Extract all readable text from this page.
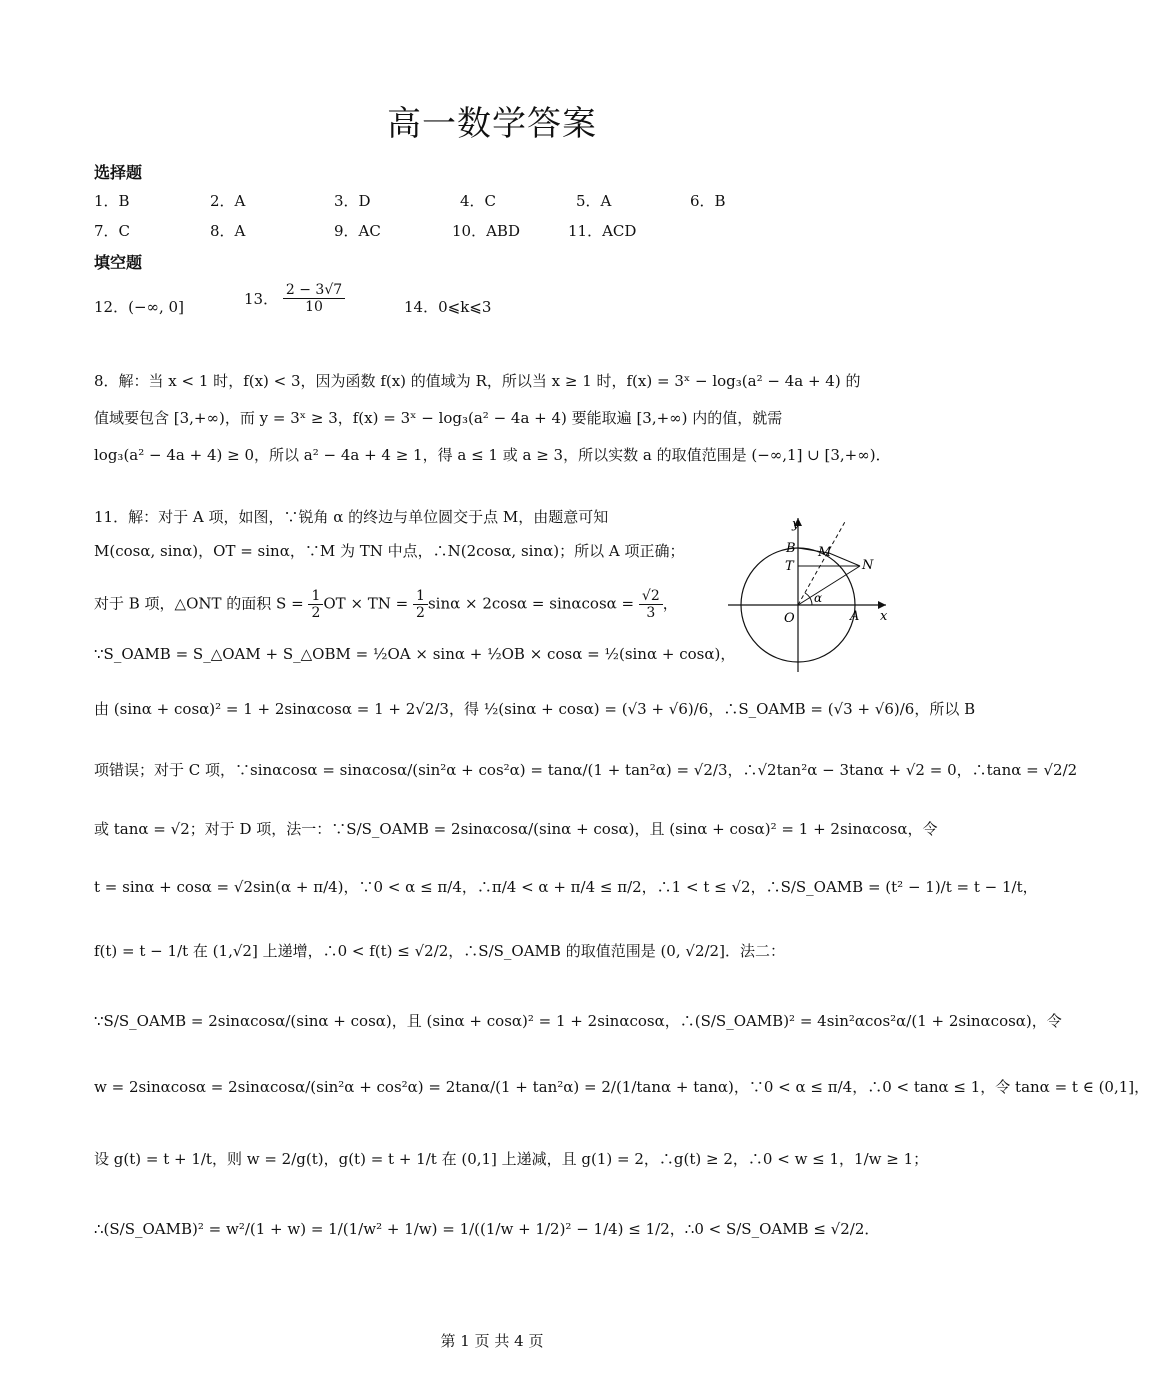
高一数学答案
选择题
1．B	2．A	3．D	4．C	5．A	6．B
7．C	8．A	9．AC	10．ABD	11．ACD
填空题
12．(−∞, 0]	13． $\frac{2 - 3√7}{10}$	14．0⩽k⩽3
8．解：当 x < 1 时，f(x) < 3，因为函数 f(x) 的值域为 R，所以当 x ≥ 1 时，f(x) = 3ˣ − log₃(a² − 4a + 4) 的
值域要包含 [3,+∞)，而 y = 3ˣ ≥ 3，f(x) = 3ˣ − log₃(a² − 4a + 4) 要能取遍 [3,+∞) 内的值，就需
log₃(a² − 4a + 4) ≥ 0，所以 a² − 4a + 4 ≥ 1，得 a ≤ 1 或 a ≥ 3，所以实数 a 的取值范围是 (−∞,1] ∪ [3,+∞)．
11．解：对于 A 项，如图，∵锐角 α 的终边与单位圆交于点 M，由题意可知
M(cosα, sinα)，OT = sinα，∵M 为 TN 中点，∴N(2cosα, sinα)；所以 A 项正确；
对于 B 项，△ONT 的面积 $S = \frac{1}{2}$ OT × TN = $\frac{1}{2}$ $\sin\alpha \times 2\cos\alpha = \sin\alpha\cos\alpha = \frac{√2}{3}$ ，
∵S_OAMB = S_△OAM + S_△OBM = ½OA × sinα + ½OB × cosα = ½(sinα + cosα)，
由 (sinα + cosα)² = 1 + 2sinαcosα = 1 + 2√2/3，得 ½(sinα + cosα) = (√3 + √6)/6，∴S_OAMB = (√3 + √6)/6，所以 B
项错误；对于 C 项，∵sinαcosα = sinαcosα/(sin²α + cos²α) = tanα/(1 + tan²α) = √2/3，∴√2tan²α − 3tanα + √2 = 0，∴tanα = √2/2
或 tanα = √2；对于 D 项，法一：∵S/S_OAMB = 2sinαcosα/(sinα + cosα)，且 (sinα + cosα)² = 1 + 2sinαcosα，令
t = sinα + cosα = √2sin(α + π/4)，∵0 < α ≤ π/4，∴π/4 < α + π/4 ≤ π/2，∴1 < t ≤ √2，∴S/S_OAMB = (t² − 1)/t = t − 1/t，
f(t) = t − 1/t 在 (1,√2] 上递增，∴0 < f(t) ≤ √2/2，∴S/S_OAMB 的取值范围是 (0, √2/2]．法二：
∵S/S_OAMB = 2sinαcosα/(sinα + cosα)，且 (sinα + cosα)² = 1 + 2sinαcosα，∴(S/S_OAMB)² = 4sin²αcos²α/(1 + 2sinαcosα)，令
w = 2sinαcosα = 2sinαcosα/(sin²α + cos²α) = 2tanα/(1 + tan²α) = 2/(1/tanα + tanα)，∵0 < α ≤ π/4，∴0 < tanα ≤ 1，令 tanα = t ∈ (0,1]，
设 g(t) = t + 1/t，则 w = 2/g(t)，g(t) = t + 1/t 在 (0,1] 上递减，且 g(1) = 2，∴g(t) ≥ 2，∴0 < w ≤ 1，1/w ≥ 1；
∴(S/S_OAMB)² = w²/(1 + w) = 1/(1/w² + 1/w) = 1/((1/w + 1/2)² − 1/4) ≤ 1/2，∴0 < S/S_OAMB ≤ √2/2．
y
x
B M
T	N
O	A
α
第 1 页 共 4 页
